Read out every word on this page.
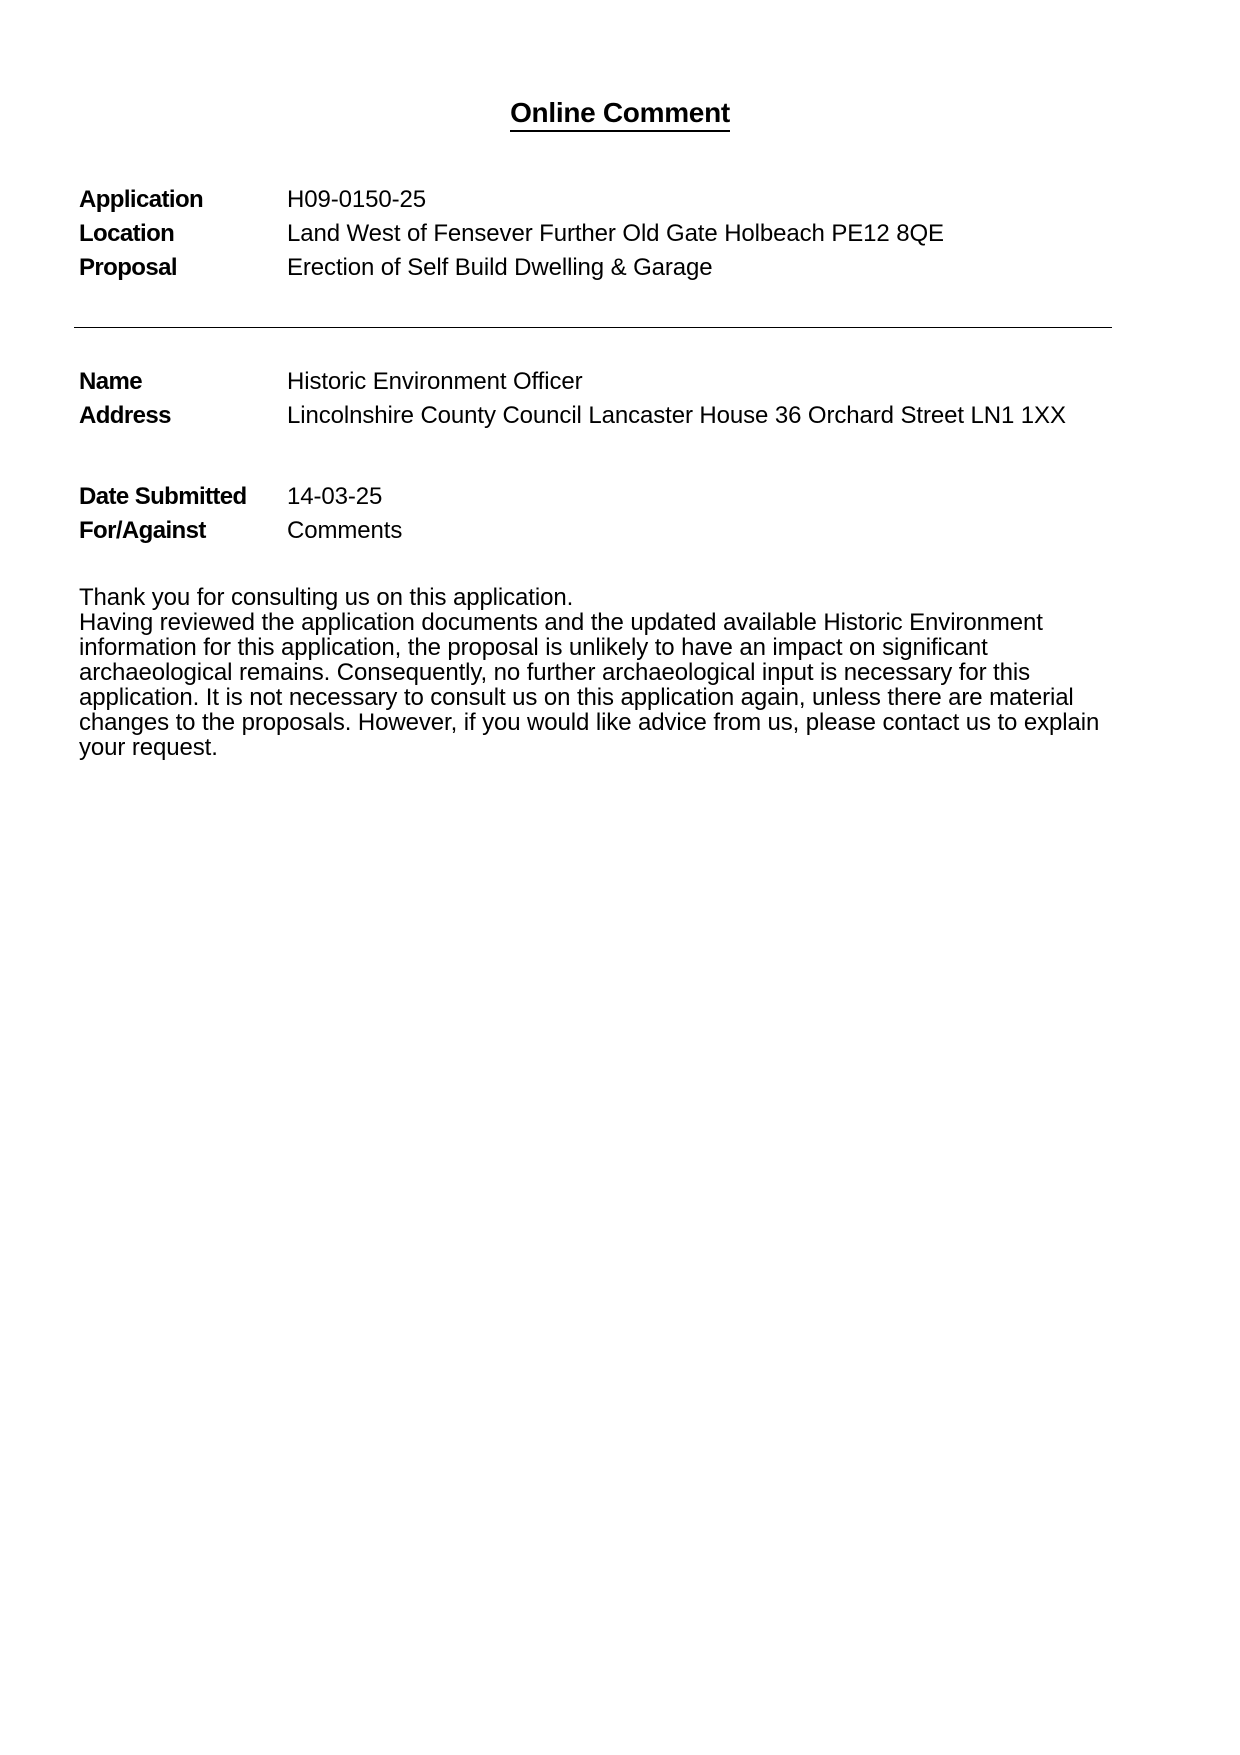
Online Comment
Application	H09-0150-25
Location	Land West of Fensever Further Old Gate Holbeach PE12 8QE
Proposal	Erection of Self Build Dwelling & Garage
Name	Historic Environment Officer
Address	Lincolnshire County Council Lancaster House 36 Orchard Street LN1 1XX
Date Submitted	14-03-25
For/Against	Comments

Thank you for consulting us on this application.

Having reviewed the application documents and the updated available Historic Environment information for this application, the proposal is unlikely to have an impact on significant archaeological remains. Consequently, no further archaeological input is necessary for this application. It is not necessary to consult us on this application again, unless there are material changes to the proposals. However, if you would like advice from us, please contact us to explain your request.
